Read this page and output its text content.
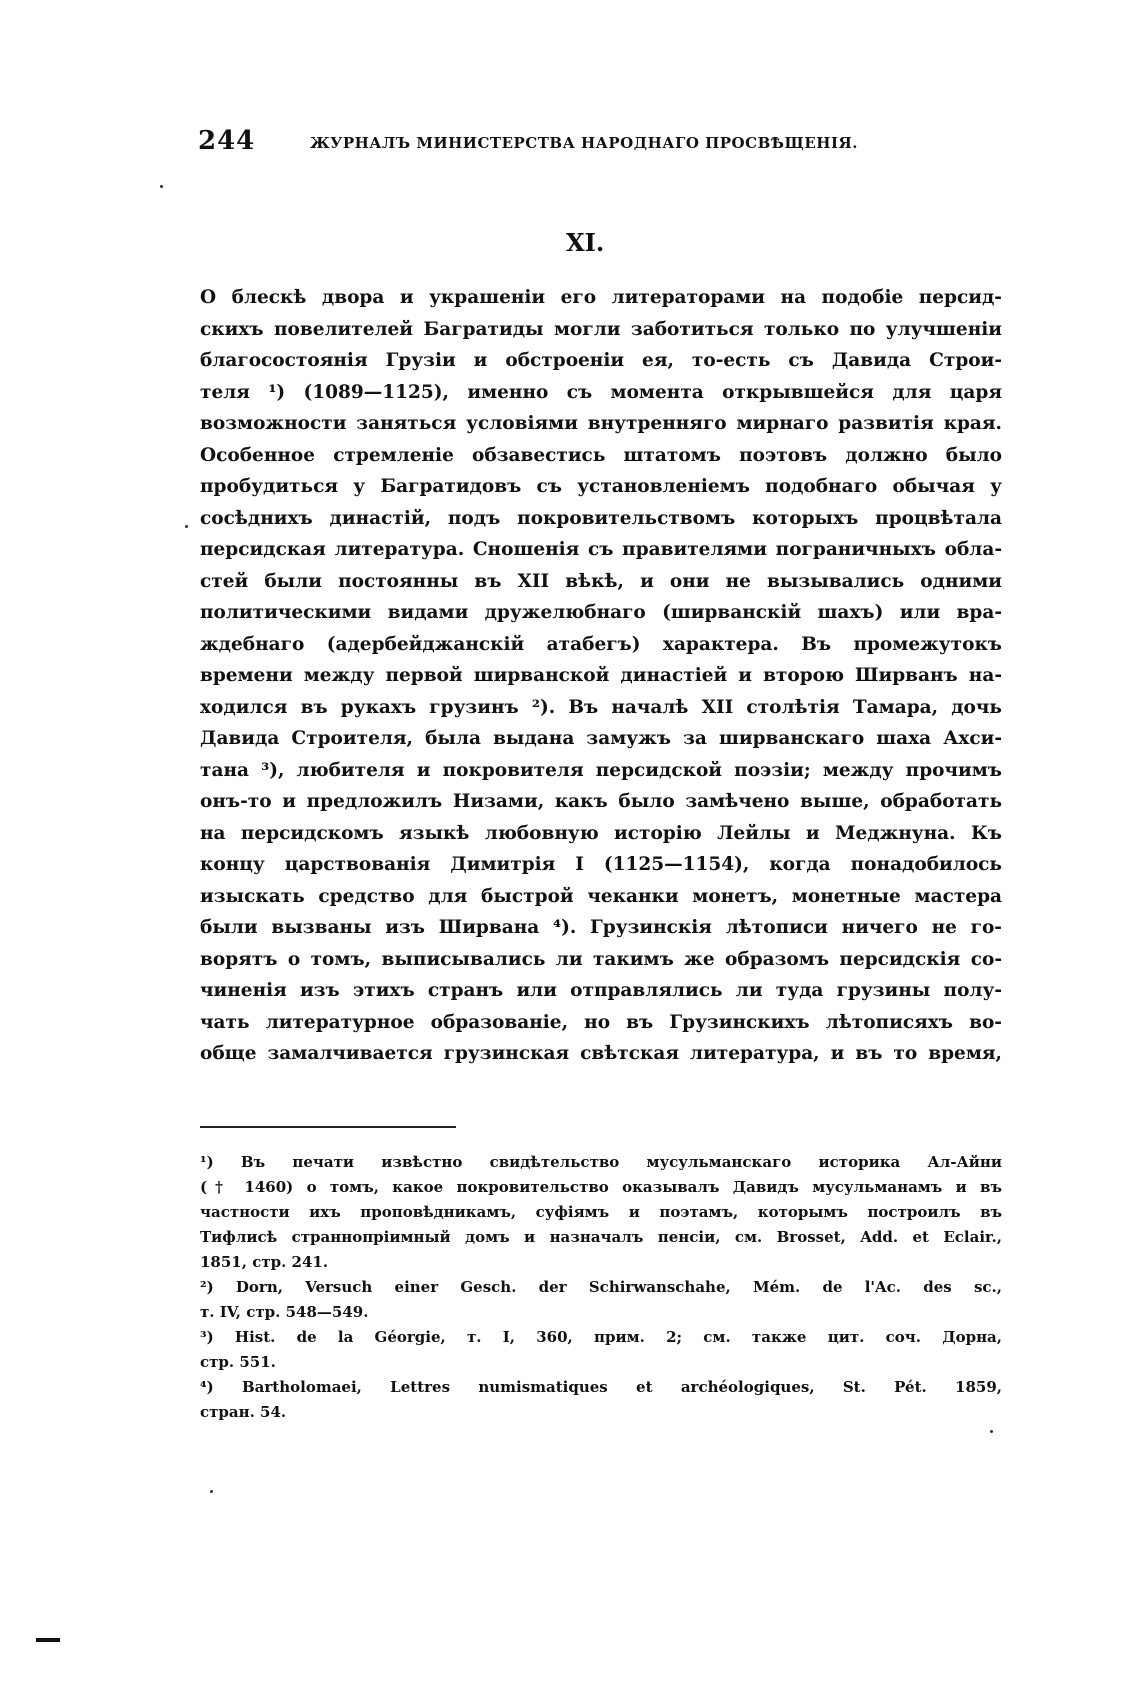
244	ЖУРНАЛЪ МИНИСТЕРСТВА НАРОДНАГО ПРОСВѢЩЕНІЯ.
XI.
О блескѣ двора и украшеніи его литераторами на подобіе персид-
скихъ повелителей Багратиды могли заботиться только по улучшеніи
благосостоянія Грузіи и обстроеніи ея, то-есть съ Давида Строи-
теля ¹) (1089—1125), именно съ момента открывшейся для царя
возможности заняться условіями внутренняго мирнаго развитія края.
Особенное стремленіе обзавестись штатомъ поэтовъ должно было
пробудиться у Багратидовъ съ установленіемъ подобнаго обычая у
сосѣднихъ династій, подъ покровительствомъ которыхъ процвѣтала
персидская литература. Сношенія съ правителями пограничныхъ обла-
стей были постоянны въ XII вѣкѣ, и они не вызывались одними
политическими видами дружелюбнаго (ширванскій шахъ) или вра-
ждебнаго (адербейджанскій атабегъ) характера. Въ промежутокъ
времени между первой ширванской династіей и второю Ширванъ на-
ходился въ рукахъ грузинъ ²). Въ началѣ XII столѣтія Тамара, дочь
Давида Строителя, была выдана замужъ за ширванскаго шаха Ахси-
тана ³), любителя и покровителя персидской поэзіи; между прочимъ
онъ-то и предложилъ Низами, какъ было замѣчено выше, обработать
на персидскомъ языкѣ любовную исторію Лейлы и Меджнуна. Къ
концу царствованія Димитрія I (1125—1154), когда понадобилось
изыскать средство для быстрой чеканки монетъ, монетные мастера
были вызваны изъ Ширвана ⁴). Грузинскія лѣтописи ничего не го-
ворятъ о томъ, выписывались ли такимъ же образомъ персидскія со-
чиненія изъ этихъ странъ или отправлялись ли туда грузины полу-
чать литературное образованіе, но въ Грузинскихъ лѣтописяхъ во-
обще замалчивается грузинская свѣтская литература, и въ то время,
¹) Въ печати извѣстно свидѣтельство мусульманскаго историка Ал-Айни
(† 1460) о томъ, какое покровительство оказывалъ Давидъ мусульманамъ и въ
частности ихъ проповѣдникамъ, суфіямъ и поэтамъ, которымъ построилъ въ
Тифлисѣ страннопріимный домъ и назначалъ пенсіи, см. Brosset, Add. et Eclair.,
1851, стр. 241.
²) Dorn, Versuch einer Gesch. der Schirwanschahe, Mém. de l'Ac. des sc.,
т. IV, стр. 548—549.
³) Hist. de la Géorgie, т. I, 360, прим. 2; см. также цит. соч. Дорна,
стр. 551.
⁴) Bartholomaei, Lettres numismatiques et archéologiques, St. Pét. 1859,
стран. 54.
